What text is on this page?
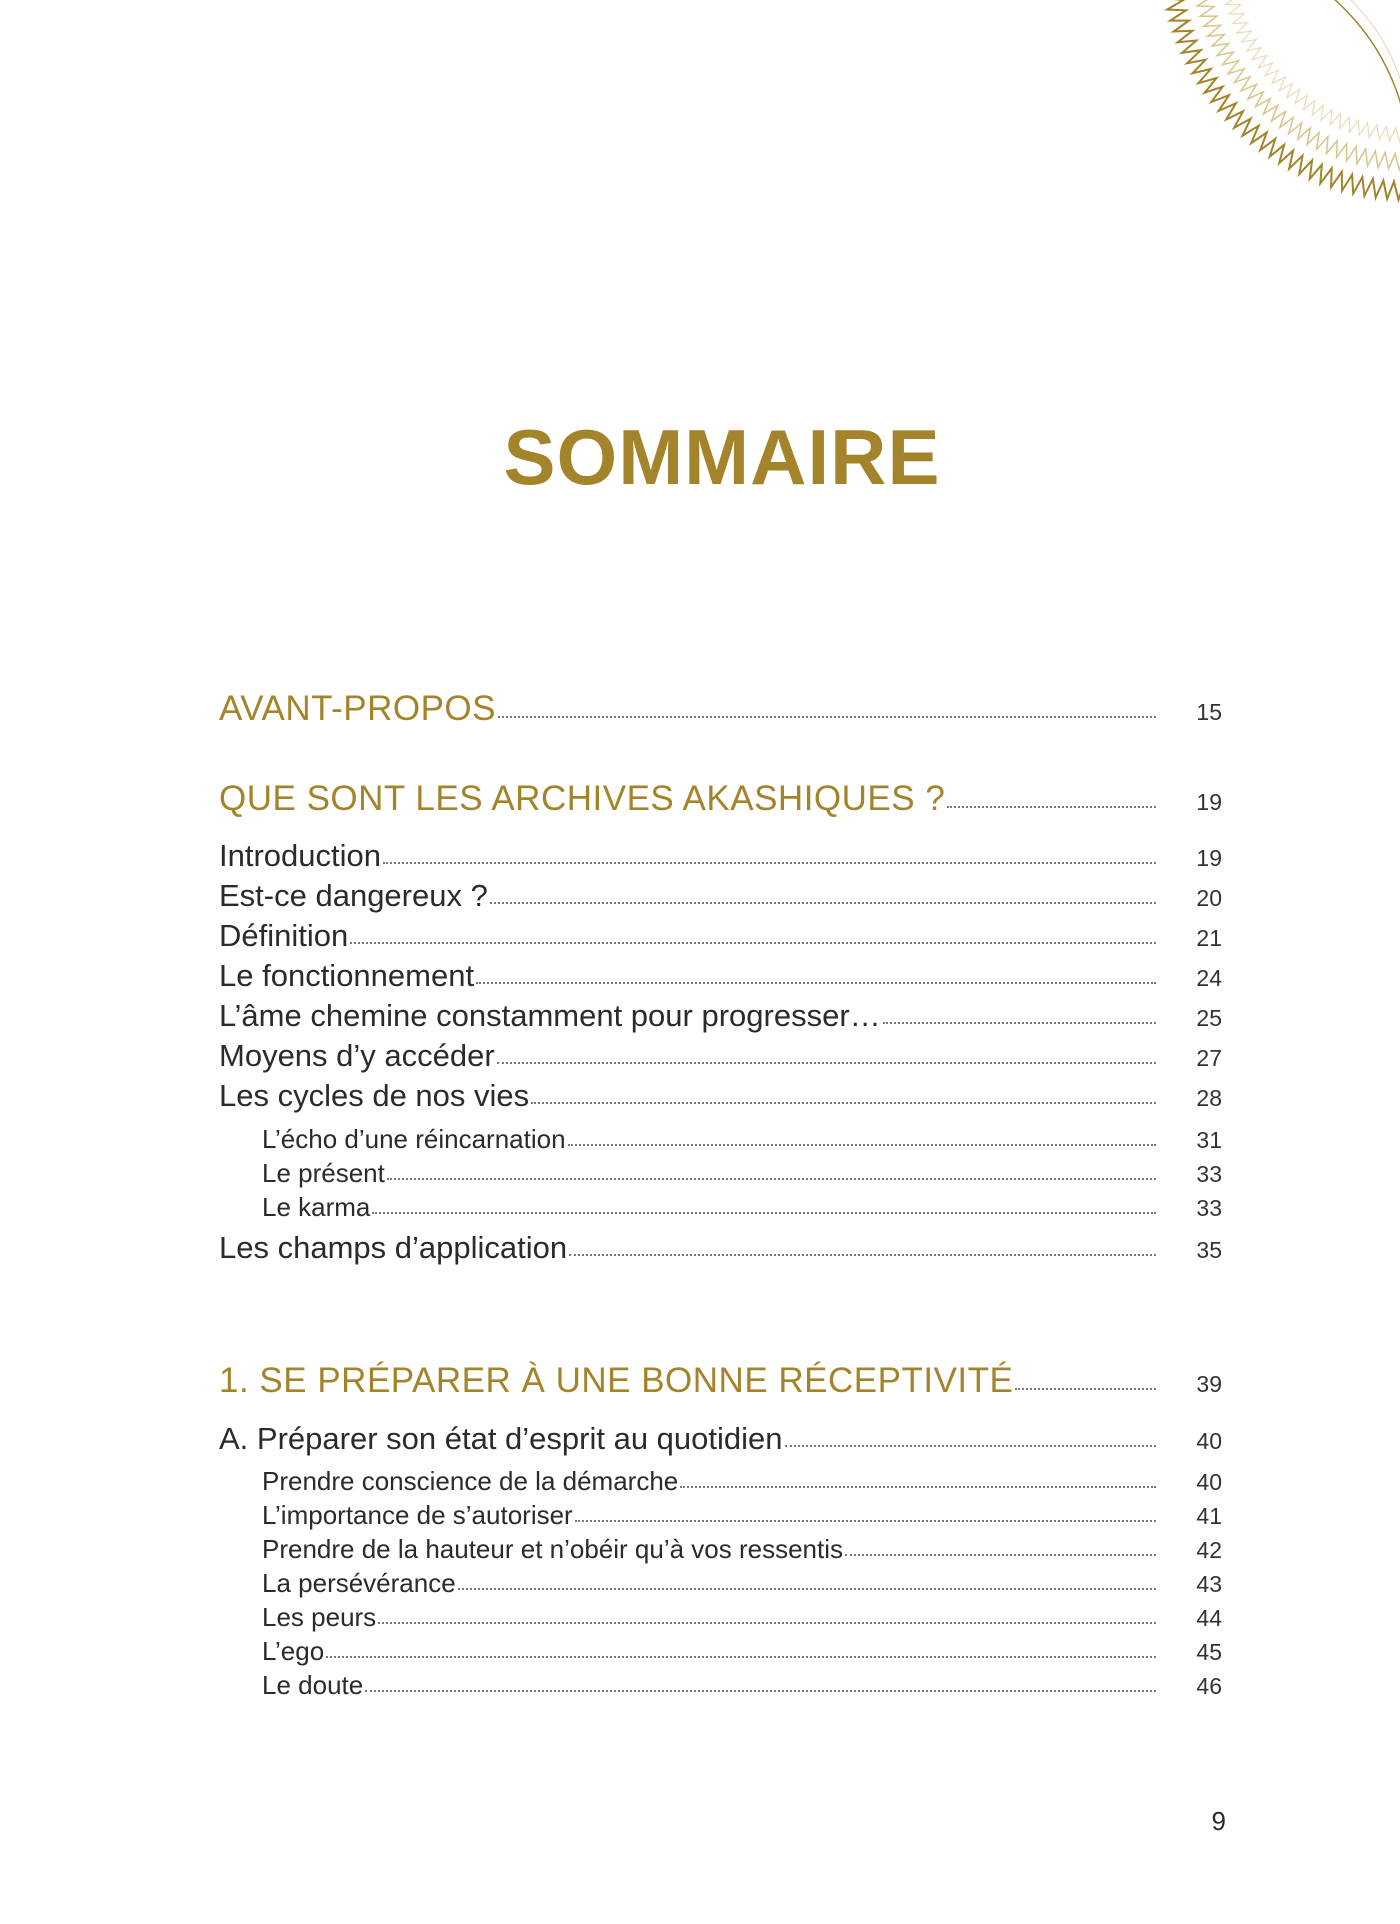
SOMMAIRE
AVANT-PROPOS	15
QUE SONT LES ARCHIVES AKASHIQUES ?	19
Introduction	19
Est-ce dangereux ?	20
Définition	21
Le fonctionnement	24
L’âme chemine constamment pour progresser…	25
Moyens d’y accéder	27
Les cycles de nos vies	28
L’écho d’une réincarnation	31
Le présent	33
Le karma	33
Les champs d’application	35
1. SE PRÉPARER À UNE BONNE RÉCEPTIVITÉ	39
A. Préparer son état d’esprit au quotidien	40
Prendre conscience de la démarche	40
L’importance de s’autoriser	41
Prendre de la hauteur et n’obéir qu’à vos ressentis	42
La persévérance	43
Les peurs	44
L’ego	45
Le doute	46
9
